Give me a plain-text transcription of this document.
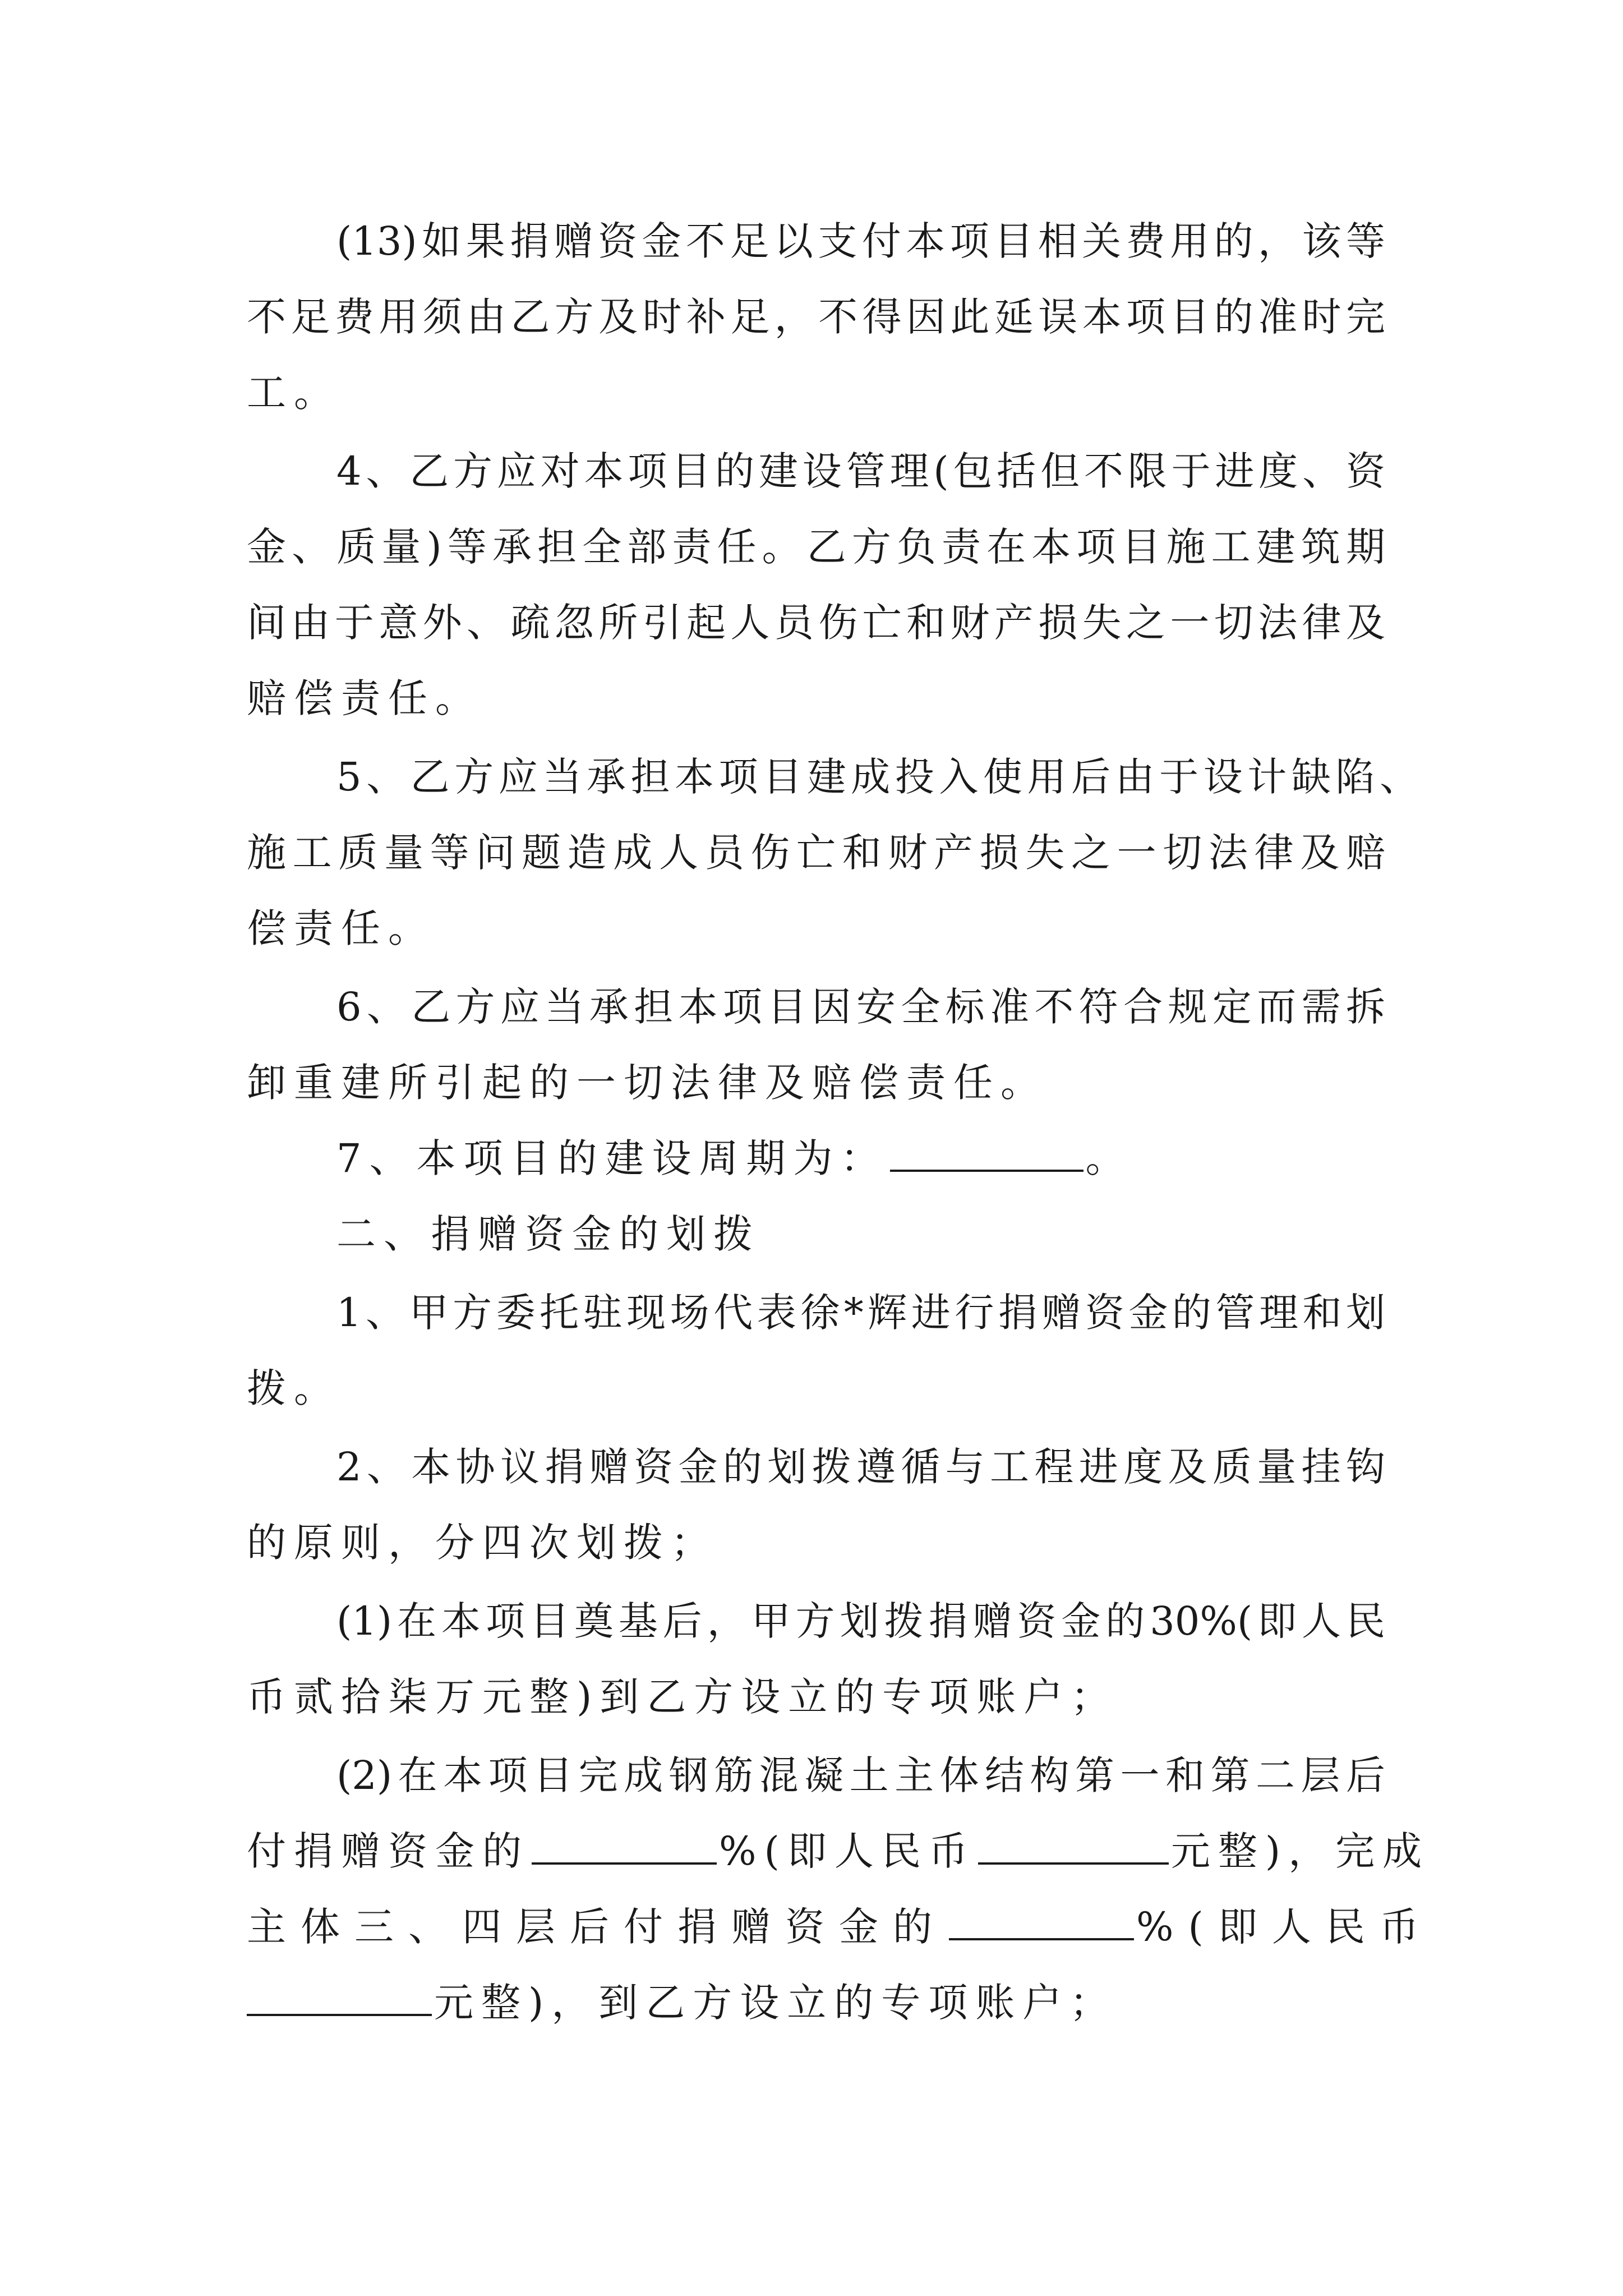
(13)如果捐赠资金不足以支付本项目相关费用的，该等
不足费用须由乙方及时补足，不得因此延误本项目的准时完
工。
4、乙方应对本项目的建设管理(包括但不限于进度、资
金、质量)等承担全部责任。乙方负责在本项目施工建筑期
间由于意外、疏忽所引起人员伤亡和财产损失之一切法律及
赔偿责任。
5、乙方应当承担本项目建成投入使用后由于设计缺陷、
施工质量等问题造成人员伤亡和财产损失之一切法律及赔
偿责任。
6、乙方应当承担本项目因安全标准不符合规定而需拆
卸重建所引起的一切法律及赔偿责任。
7、本项目的建设周期为：	。
二、捐赠资金的划拨
1、甲方委托驻现场代表徐*辉进行捐赠资金的管理和划
拨。
2、本协议捐赠资金的划拨遵循与工程进度及质量挂钩
的原则，分四次划拨；
(1)在本项目奠基后，甲方划拨捐赠资金的30%(即人民
币贰拾柒万元整)到乙方设立的专项账户；
(2)在本项目完成钢筋混凝土主体结构第一和第二层后
付捐赠资金的	%(即人民币	元整)，完成
主体三、四层后付捐赠资金的	%(即人民币
元整)，到乙方设立的专项账户；
